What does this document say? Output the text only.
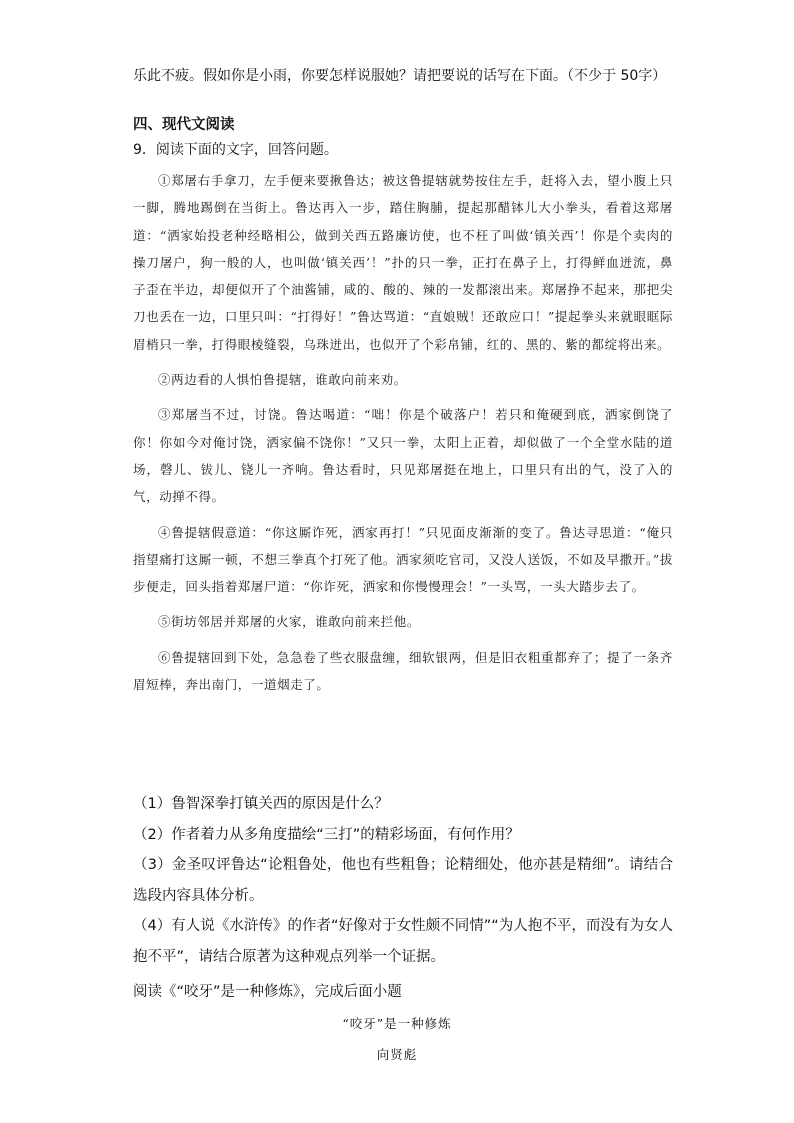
乐此不疲。假如你是小雨，你要怎样说服她？请把要说的话写在下面。（不少于 50字）
四、现代文阅读
9．阅读下面的文字，回答问题。

①郑屠右手拿刀，左手便来要揪鲁达；被这鲁提辖就势按住左手，赶将入去，望小腹上只一脚，腾地踢倒在当街上。鲁达再入一步，踏住胸脯，提起那醋钵儿大小拳头，看着这郑屠道：“洒家始投老种经略相公，做到关西五路廉访使，也不枉了叫做‘镇关西’！你是个卖肉的操刀屠户，狗一般的人，也叫做‘镇关西’！”扑的只一拳，正打在鼻子上，打得鲜血迸流，鼻子歪在半边，却便似开了个油酱铺，咸的、酸的、辣的一发都滚出来。郑屠挣不起来，那把尖刀也丢在一边，口里只叫：“打得好！”鲁达骂道：“直娘贼！还敢应口！”提起拳头来就眼眶际眉梢只一拳，打得眼棱缝裂，乌珠迸出，也似开了个彩帛铺，红的、黑的、紫的都绽将出来。

②两边看的人惧怕鲁提辖，谁敢向前来劝。

③郑屠当不过，讨饶。鲁达喝道：“咄！你是个破落户！若只和俺硬到底，洒家倒饶了你！你如今对俺讨饶，洒家偏不饶你！”又只一拳，太阳上正着，却似做了一个全堂水陆的道场，磬儿、钹儿、铙儿一齐响。鲁达看时，只见郑屠挺在地上，口里只有出的气，没了入的气，动掸不得。

④鲁提辖假意道：“你这厮诈死，洒家再打！”只见面皮渐渐的变了。鲁达寻思道：“俺只指望痛打这厮一顿，不想三拳真个打死了他。洒家须吃官司，又没人送饭，不如及早撒开。”拔步便走，回头指着郑屠尸道：“你诈死，洒家和你慢慢理会！”一头骂，一头大踏步去了。

⑤街坊邻居并郑屠的火家，谁敢向前来拦他。

⑥鲁提辖回到下处，急急卷了些衣服盘缠，细软银两，但是旧衣粗重都弃了；提了一条齐眉短棒，奔出南门，一道烟走了。

（1）鲁智深拳打镇关西的原因是什么？

（2）作者着力从多角度描绘“三打”的精彩场面，有何作用？

（3）金圣叹评鲁达“论粗鲁处，他也有些粗鲁；论精细处，他亦甚是精细”。请结合选段内容具体分析。

（4）有人说《水浒传》的作者“好像对于女性颇不同情”“为人抱不平，而没有为女人抱不平”，请结合原著为这种观点列举一个证据。

阅读《“咬牙”是一种修炼》，完成后面小题
“咬牙”是一种修炼
向贤彪
